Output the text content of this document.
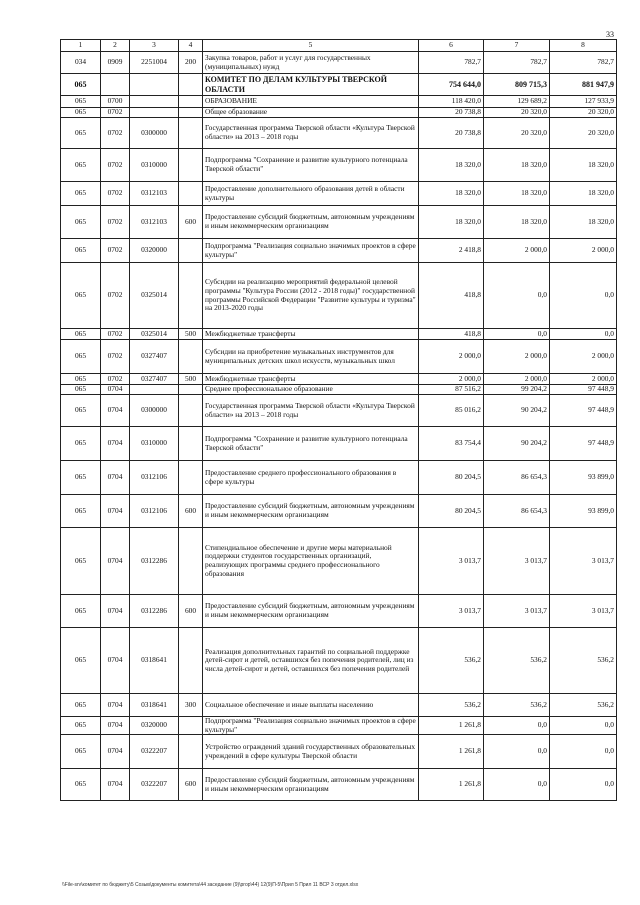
33
1	2	3	4	5	6	7	8
034	0909	2251004	200	Закупка товаров, работ и услуг для государственных (муниципальных) нужд	782,7	782,7	782,7
065				КОМИТЕТ ПО ДЕЛАМ КУЛЬТУРЫ ТВЕРСКОЙ ОБЛАСТИ	754 644,0	809 715,3	881 947,9
065	0700			ОБРАЗОВАНИЕ	118 420,0	129 689,2	127 933,9
065	0702			Общее образование	20 738,8	20 320,0	20 320,0
065	0702	0300000		Государственная программа Тверской области «Культура Тверской области» на 2013 – 2018 годы	20 738,8	20 320,0	20 320,0
065	0702	0310000		Подпрограмма "Сохранение и развитие культурного потенциала Тверской области"	18 320,0	18 320,0	18 320,0
065	0702	0312103		Предоставление дополнительного образования детей в области культуры	18 320,0	18 320,0	18 320,0
065	0702	0312103	600	Предоставление субсидий бюджетным, автономным учреждениям и иным некоммерческим организациям	18 320,0	18 320,0	18 320,0
065	0702	0320000		Подпрограмма "Реализация социально значимых проектов в сфере культуры"	2 418,8	2 000,0	2 000,0
065	0702	0325014		Субсидии на реализацию мероприятий федеральной целевой программы "Культура России (2012 - 2018 годы)" государственной программы Российской Федерации "Развитие культуры и туризма" на 2013-2020 годы	418,8	0,0	0,0
065	0702	0325014	500	Межбюджетные трансферты	418,8	0,0	0,0
065	0702	0327407		Субсидии на приобретение музыкальных инструментов для муниципальных детских школ искусств, музыкальных школ	2 000,0	2 000,0	2 000,0
065	0702	0327407	500	Межбюджетные трансферты	2 000,0	2 000,0	2 000,0
065	0704			Среднее профессиональное образование	87 516,2	99 204,2	97 448,9
065	0704	0300000		Государственная программа Тверской области «Культура Тверской области» на 2013 – 2018 годы	85 016,2	90 204,2	97 448,9
065	0704	0310000		Подпрограмма "Сохранение и развитие культурного потенциала Тверской области"	83 754,4	90 204,2	97 448,9
065	0704	0312106		Предоставление среднего профессионального образования в сфере культуры	80 204,5	86 654,3	93 899,0
065	0704	0312106	600	Предоставление субсидий бюджетным, автономным учреждениям и иным некоммерческим организациям	80 204,5	86 654,3	93 899,0
065	0704	0312286		Стипендиальное обеспечение и другие меры материальной поддержки студентов государственных организаций, реализующих программы среднего профессионального образования	3 013,7	3 013,7	3 013,7
065	0704	0312286	600	Предоставление субсидий бюджетным, автономным учреждениям и иным некоммерческим организациям	3 013,7	3 013,7	3 013,7
065	0704	0318641		Реализация дополнительных гарантий по социальной поддержке детей-сирот и детей, оставшихся без попечения родителей, лиц из числа детей-сирот и детей, оставшихся без попечения родителей	536,2	536,2	536,2
065	0704	0318641	300	Социальное обеспечение и иные выплаты населению	536,2	536,2	536,2
065	0704	0320000		Подпрограмма "Реализация социально значимых проектов в сфере культуры"	1 261,8	0,0	0,0
065	0704	0322207		Устройство ограждений зданий государственных образовательных учреждений в сфере культуры Тверской области	1 261,8	0,0	0,0
065	0704	0322207	600	Предоставление субсидий бюджетным, автономным учреждениям и иным некоммерческим организациям	1 261,8	0,0	0,0
\\File-srv\комитет по бюджету\5 Созыв\документы комитета\44 заседание (9)\prop\44) 12(9)П-5\Прил 5 Прил 11 ВСР 3 отдел.xlsx
